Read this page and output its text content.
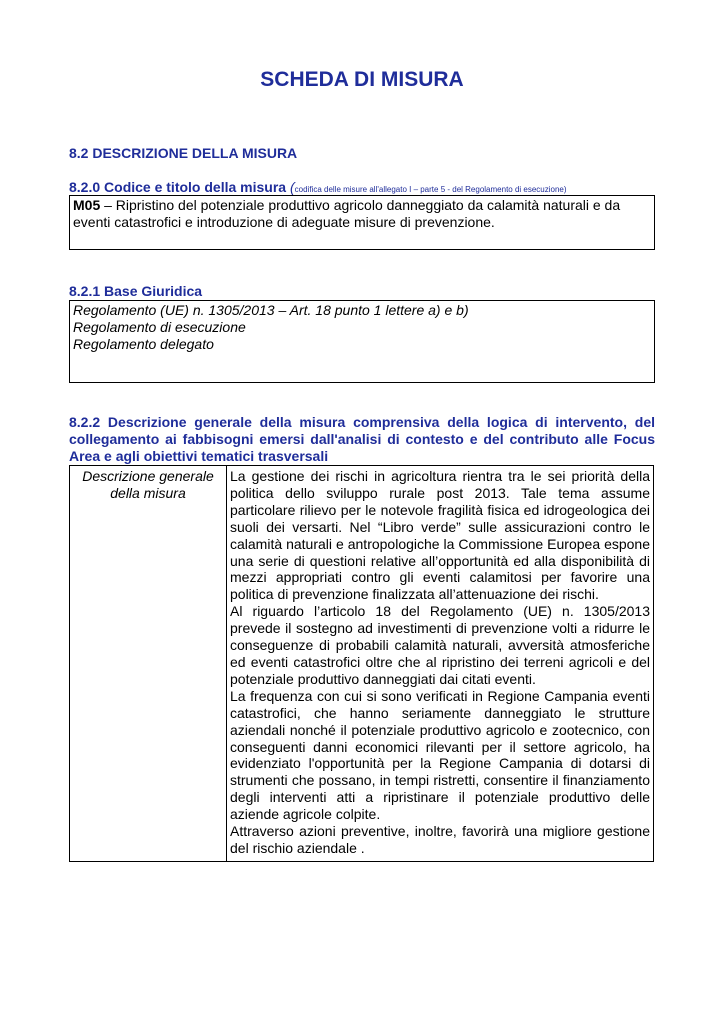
SCHEDA DI MISURA
8.2 DESCRIZIONE DELLA MISURA
8.2.0 Codice e titolo della misura (codifica delle misure all'allegato I – parte 5 - del Regolamento di esecuzione)
M05 – Ripristino del potenziale produttivo agricolo danneggiato da calamità naturali e da eventi catastrofici e introduzione di adeguate misure di prevenzione.
8.2.1 Base Giuridica
Regolamento (UE) n. 1305/2013 – Art. 18 punto 1 lettere a) e b)
Regolamento di esecuzione
Regolamento delegato
8.2.2 Descrizione generale della misura comprensiva della logica di intervento, del collegamento ai fabbisogni emersi dall'analisi di contesto e del contributo alle Focus Area e agli obiettivi tematici trasversali
Descrizione generale della misura	

La gestione dei rischi in agricoltura rientra tra le sei priorità della politica dello sviluppo rurale post 2013. Tale tema assume particolare rilievo per le notevole fragilità fisica ed idrogeologica dei suoli dei versarti. Nel “Libro verde” sulle assicurazioni contro le calamità naturali e antropologiche la Commissione Europea espone una serie di questioni relative all’opportunità ed alla disponibilità di mezzi appropriati contro gli eventi calamitosi per favorire una politica di prevenzione finalizzata all’attenuazione dei rischi.

Al riguardo l’articolo 18 del Regolamento (UE) n. 1305/2013 prevede il sostegno ad investimenti di prevenzione volti a ridurre le conseguenze di probabili calamità naturali, avversità atmosferiche ed eventi catastrofici oltre che al ripristino dei terreni agricoli e del potenziale produttivo danneggiati dai citati eventi.

La frequenza con cui si sono verificati in Regione Campania eventi catastrofici, che hanno seriamente danneggiato le strutture aziendali nonché il potenziale produttivo agricolo e zootecnico, con conseguenti danni economici rilevanti per il settore agricolo, ha evidenziato l'opportunità per la Regione Campania di dotarsi di strumenti che possano, in tempi ristretti, consentire il finanziamento degli interventi atti a ripristinare il potenziale produttivo delle aziende agricole colpite.

Attraverso azioni preventive, inoltre, favorirà una migliore gestione del rischio aziendale .
